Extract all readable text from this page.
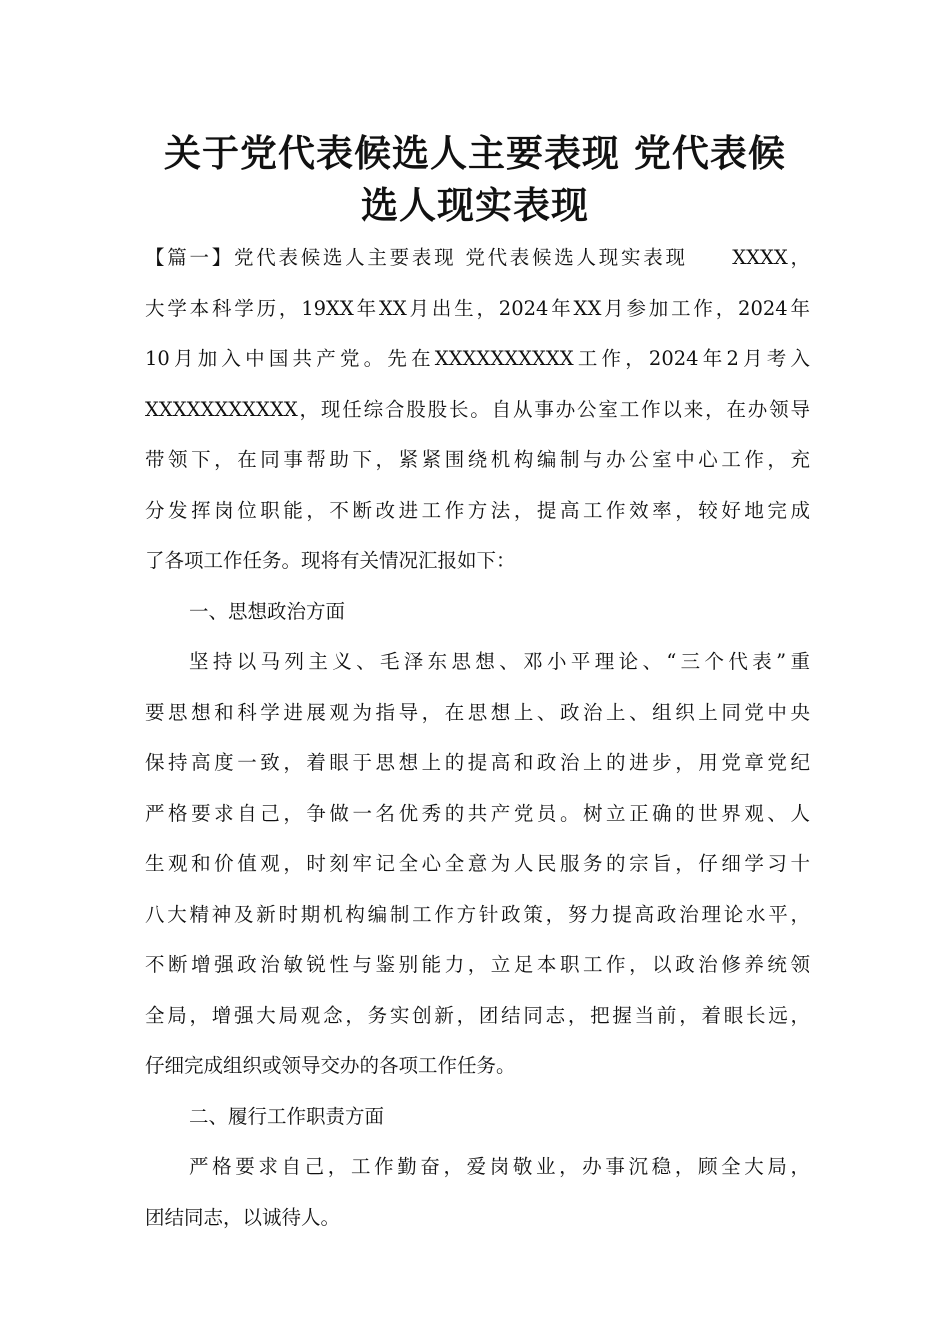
关于党代表候选人主要表现 党代表候
选人现实表现
【篇一】党代表候选人主要表现 党代表候选人现实表现　　XXXX，
大学本科学历，19XX年XX月出生，2024年XX月参加工作，2024年
10月加入中国共产党。先在XXXXXXXXXX工作，2024年2月考入
XXXXXXXXXXX，现任综合股股长。自从事办公室工作以来，在办领导
带领下，在同事帮助下，紧紧围绕机构编制与办公室中心工作，充
分发挥岗位职能，不断改进工作方法，提高工作效率，较好地完成
了各项工作任务。现将有关情况汇报如下：
一、思想政治方面
坚持以马列主义、毛泽东思想、邓小平理论、“三个代表”重
要思想和科学进展观为指导，在思想上、政治上、组织上同党中央
保持高度一致，着眼于思想上的提高和政治上的进步，用党章党纪
严格要求自己，争做一名优秀的共产党员。树立正确的世界观、人
生观和价值观，时刻牢记全心全意为人民服务的宗旨，仔细学习十
八大精神及新时期机构编制工作方针政策，努力提高政治理论水平，
不断增强政治敏锐性与鉴别能力，立足本职工作，以政治修养统领
全局，增强大局观念，务实创新，团结同志，把握当前，着眼长远，
仔细完成组织或领导交办的各项工作任务。
二、履行工作职责方面
严格要求自己，工作勤奋，爱岗敬业，办事沉稳，顾全大局，
团结同志，以诚待人。
